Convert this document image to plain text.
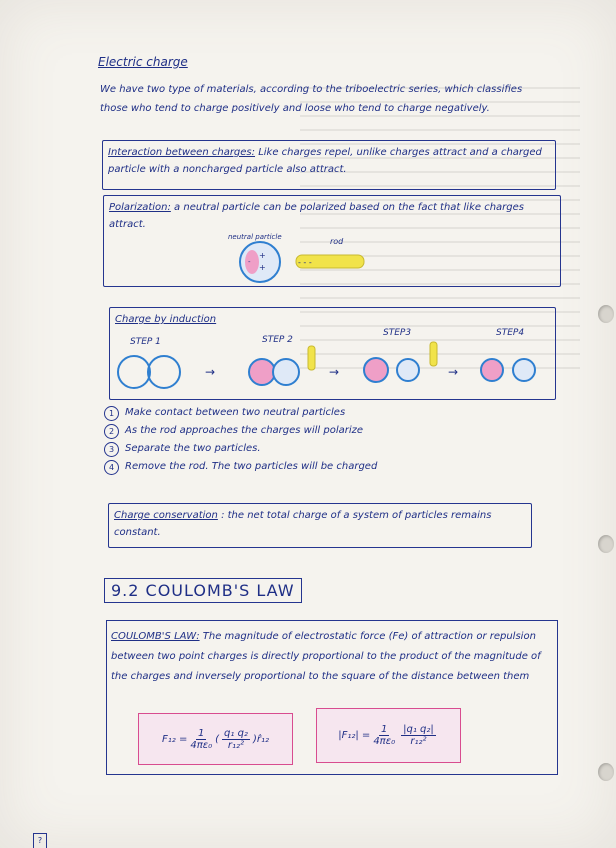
Electric charge
We have two type of materials, according to the triboelectric series, which classifies those who tend to charge positively and loose who tend to charge negatively.
Interaction between charges: Like charges repel, unlike charges attract and a charged particle with a noncharged particle also attract.
Polarization: a neutral particle can be polarized based on the fact that like charges attract.
neutral particle	rod
+
+
-	- - -
Charge by induction
STEP 1	STEP 2
STEP3	STEP4
→	→	→
1	Make contact between two neutral particles
2	As the rod approaches the charges will polarize
3	Separate the two particles.
4	Remove the rod. The two particles will be charged
Charge conservation : the net total charge of a system of particles remains constant.
9.2 COULOMB'S LAW
COULOMB'S LAW: The magnitude of electrostatic force (Fe) of attraction or repulsion between two point charges is directly proportional to the product of the magnitude of the charges and inversely proportional to the square of the distance between them
$F_{12} = \frac{1}{\text{4πε₀}}$ ( $\frac{\text{q₁ q₂}}{\text{r₁₂²}}$ ) r̂₁₂	$|F_{12}| = \frac{1}{\text{4πε₀}} \frac{\text{|q₁ q₂|}}{\text{r₁₂²}}$
?
